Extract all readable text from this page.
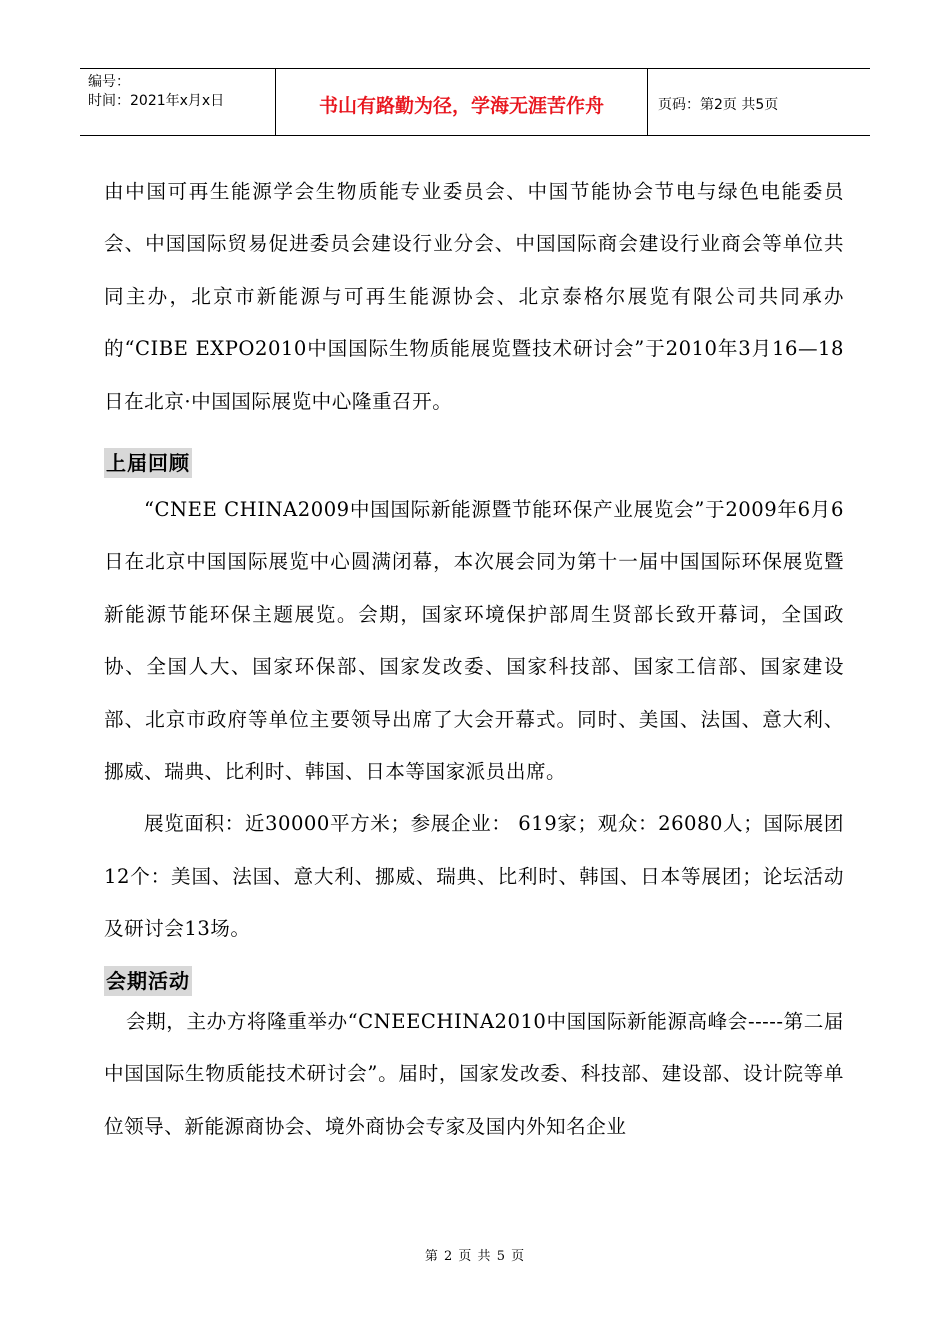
编号：
时间：2021年x月x日	书山有路勤为径，学海无涯苦作舟	页码：第2页 共5页

由中国可再生能源学会生物质能专业委员会、中国节能协会节电与绿色电能委员会、中国国际贸易促进委员会建设行业分会、中国国际商会建设行业商会等单位共同主办，北京市新能源与可再生能源协会、北京泰格尔展览有限公司共同承办的“CIBE EXPO2010中国国际生物质能展览暨技术研讨会”于2010年3月16—18日在北京·中国国际展览中心隆重召开。

上届回顾

“CNEE CHINA2009中国国际新能源暨节能环保产业展览会”于2009年6月6日在北京中国国际展览中心圆满闭幕，本次展会同为第十一届中国国际环保展览暨新能源节能环保主题展览。会期，国家环境保护部周生贤部长致开幕词，全国政协、全国人大、国家环保部、国家发改委、国家科技部、国家工信部、国家建设部、北京市政府等单位主要领导出席了大会开幕式。同时、美国、法国、意大利、挪威、瑞典、比利时、韩国、日本等国家派员出席。

展览面积：近30000平方米；参展企业： 619家；观众：26080人；国际展团12个：美国、法国、意大利、挪威、瑞典、比利时、韩国、日本等展团；论坛活动及研讨会13场。

会期活动

会期，主办方将隆重举办“CNEECHINA2010中国国际新能源高峰会-----第二届中国国际生物质能技术研讨会”。届时，国家发改委、科技部、建设部、设计院等单位领导、新能源商协会、境外商协会专家及国内外知名企业

第 2 页 共 5 页
